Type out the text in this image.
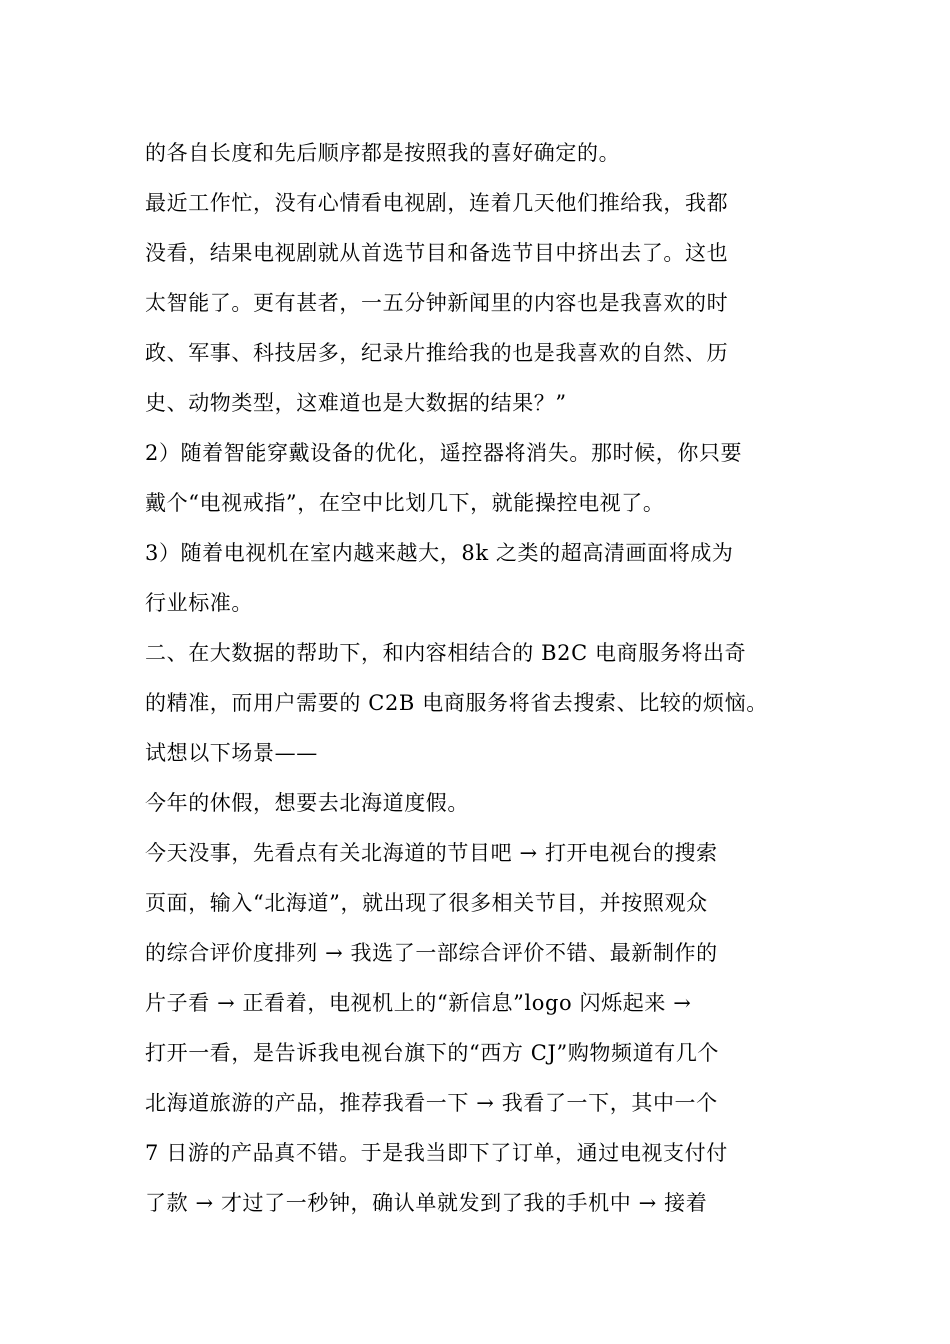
的各自长度和先后顺序都是按照我的喜好确定的。
最近工作忙，没有心情看电视剧，连着几天他们推给我，我都
没看，结果电视剧就从首选节目和备选节目中挤出去了。这也
太智能了。更有甚者，一五分钟新闻里的内容也是我喜欢的时
政、军事、科技居多，纪录片推给我的也是我喜欢的自然、历
史、动物类型，这难道也是大数据的结果？”
2）随着智能穿戴设备的优化，遥控器将消失。那时候，你只要
戴个“电视戒指”，在空中比划几下，就能操控电视了。
3）随着电视机在室内越来越大，8k 之类的超高清画面将成为
行业标准。
二、在大数据的帮助下，和内容相结合的 B2C 电商服务将出奇
的精准，而用户需要的 C2B 电商服务将省去搜索、比较的烦恼。
试想以下场景——
今年的休假，想要去北海道度假。
今天没事，先看点有关北海道的节目吧 → 打开电视台的搜索
页面，输入“北海道”，就出现了很多相关节目，并按照观众
的综合评价度排列 → 我选了一部综合评价不错、最新制作的
片子看 → 正看着，电视机上的“新信息”logo 闪烁起来 →
打开一看，是告诉我电视台旗下的“西方 CJ”购物频道有几个
北海道旅游的产品，推荐我看一下 → 我看了一下，其中一个
7 日游的产品真不错。于是我当即下了订单，通过电视支付付
了款 → 才过了一秒钟，确认单就发到了我的手机中 → 接着
